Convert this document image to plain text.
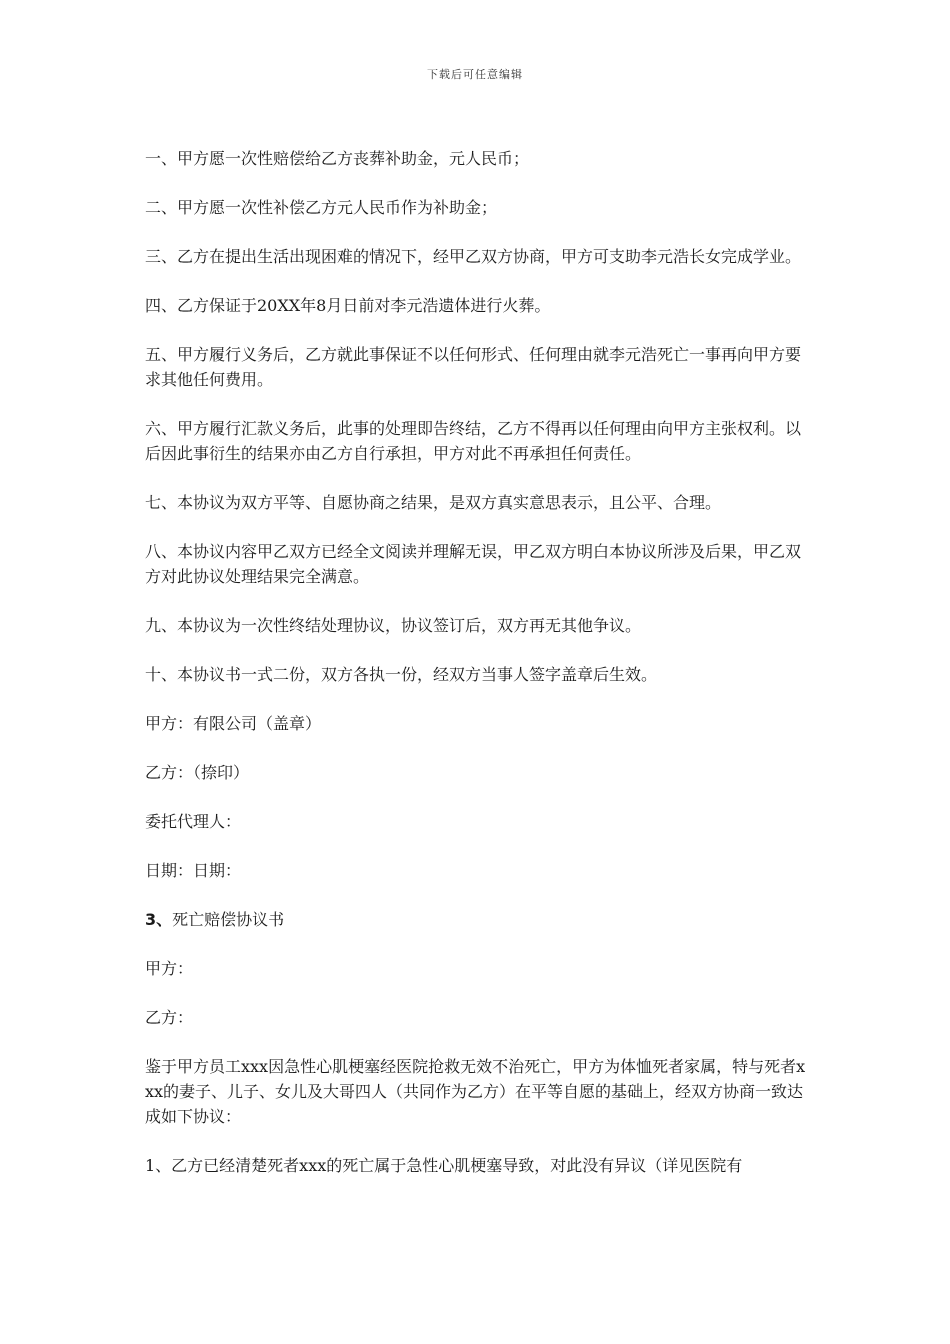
下载后可任意编辑

一、甲方愿一次性赔偿给乙方丧葬补助金，元人民币；

二、甲方愿一次性补偿乙方元人民币作为补助金；

三、乙方在提出生活出现困难的情况下，经甲乙双方协商，甲方可支助李元浩长女完成学业。

四、乙方保证于20XX年8月日前对李元浩遗体进行火葬。

五、甲方履行义务后，乙方就此事保证不以任何形式、任何理由就李元浩死亡一事再向甲方要求其他任何费用。

六、甲方履行汇款义务后，此事的处理即告终结，乙方不得再以任何理由向甲方主张权利。以后因此事衍生的结果亦由乙方自行承担，甲方对此不再承担任何责任。

七、本协议为双方平等、自愿协商之结果，是双方真实意思表示，且公平、合理。

八、本协议内容甲乙双方已经全文阅读并理解无误，甲乙双方明白本协议所涉及后果，甲乙双方对此协议处理结果完全满意。

九、本协议为一次性终结处理协议，协议签订后，双方再无其他争议。

十、本协议书一式二份，双方各执一份，经双方当事人签字盖章后生效。

甲方：有限公司（盖章）

乙方：（捺印）

委托代理人：

日期：日期：

3、死亡赔偿协议书

甲方：

乙方：

鉴于甲方员工xxx因急性心肌梗塞经医院抢救无效不治死亡，甲方为体恤死者家属，特与死者xxx的妻子、儿子、女儿及大哥四人（共同作为乙方）在平等自愿的基础上，经双方协商一致达成如下协议：

1、乙方已经清楚死者xxx的死亡属于急性心肌梗塞导致，对此没有异议（详见医院有
